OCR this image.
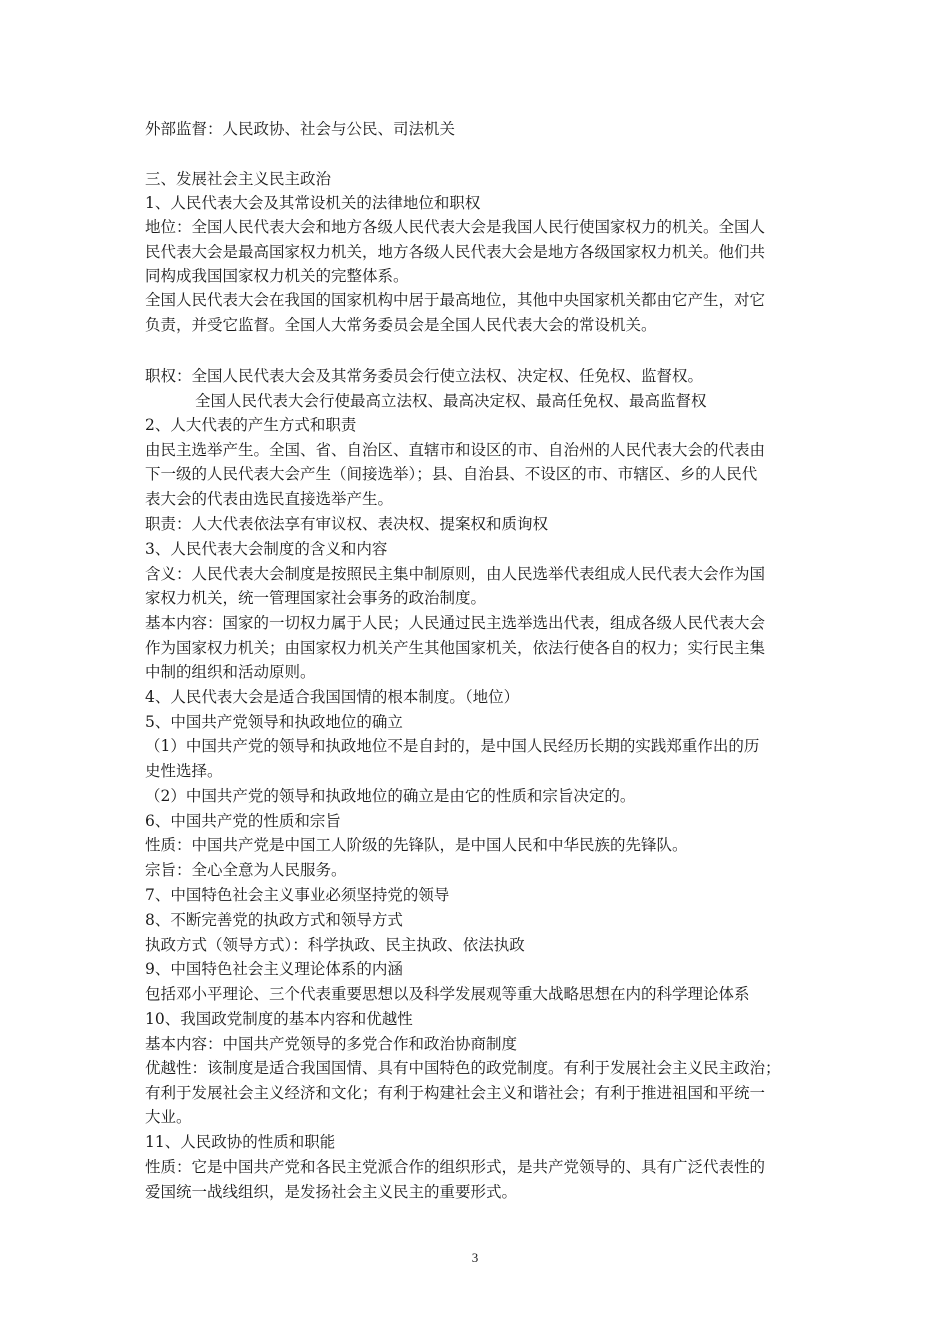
外部监督：人民政协、社会与公民、司法机关
三、发展社会主义民主政治
1、人民代表大会及其常设机关的法律地位和职权
地位：全国人民代表大会和地方各级人民代表大会是我国人民行使国家权力的机关。全国人
民代表大会是最高国家权力机关，地方各级人民代表大会是地方各级国家权力机关。他们共
同构成我国国家权力机关的完整体系。
全国人民代表大会在我国的国家机构中居于最高地位，其他中央国家机关都由它产生，对它
负责，并受它监督。全国人大常务委员会是全国人民代表大会的常设机关。
职权：全国人民代表大会及其常务委员会行使立法权、决定权、任免权、监督权。
全国人民代表大会行使最高立法权、最高决定权、最高任免权、最高监督权
2、人大代表的产生方式和职责
由民主选举产生。全国、省、自治区、直辖市和设区的市、自治州的人民代表大会的代表由
下一级的人民代表大会产生（间接选举）；县、自治县、不设区的市、市辖区、乡的人民代
表大会的代表由选民直接选举产生。
职责：人大代表依法享有审议权、表决权、提案权和质询权
3、人民代表大会制度的含义和内容
含义：人民代表大会制度是按照民主集中制原则，由人民选举代表组成人民代表大会作为国
家权力机关，统一管理国家社会事务的政治制度。
基本内容：国家的一切权力属于人民；人民通过民主选举选出代表，组成各级人民代表大会
作为国家权力机关；由国家权力机关产生其他国家机关，依法行使各自的权力；实行民主集
中制的组织和活动原则。
4、人民代表大会是适合我国国情的根本制度。（地位）
5、中国共产党领导和执政地位的确立
（1）中国共产党的领导和执政地位不是自封的，是中国人民经历长期的实践郑重作出的历
史性选择。
（2）中国共产党的领导和执政地位的确立是由它的性质和宗旨决定的。
6、中国共产党的性质和宗旨
性质：中国共产党是中国工人阶级的先锋队，是中国人民和中华民族的先锋队。
宗旨：全心全意为人民服务。
7、中国特色社会主义事业必须坚持党的领导
8、不断完善党的执政方式和领导方式
执政方式（领导方式）：科学执政、民主执政、依法执政
9、中国特色社会主义理论体系的内涵
包括邓小平理论、三个代表重要思想以及科学发展观等重大战略思想在内的科学理论体系
10、我国政党制度的基本内容和优越性
基本内容：中国共产党领导的多党合作和政治协商制度
优越性：该制度是适合我国国情、具有中国特色的政党制度。有利于发展社会主义民主政治；
有利于发展社会主义经济和文化；有利于构建社会主义和谐社会；有利于推进祖国和平统一
大业。
11、人民政协的性质和职能
性质：它是中国共产党和各民主党派合作的组织形式，是共产党领导的、具有广泛代表性的
爱国统一战线组织，是发扬社会主义民主的重要形式。
3
